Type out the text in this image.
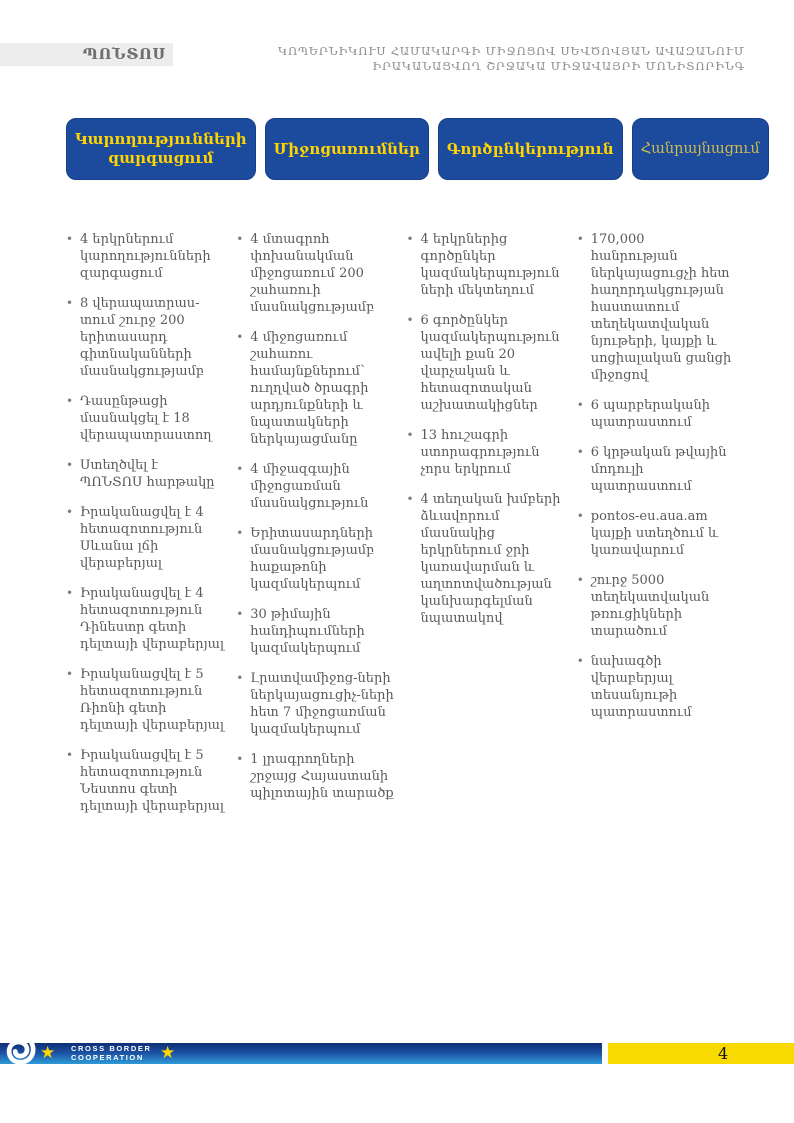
ՊՈՆՏՈՍ	ԿՈՊԵՐՆԻԿՈՒՍ ՀԱՄԱԿԱՐԳԻ ՄԻՋՈՑՈՎ ՍԵՎԾՈՎՅԱՆ ԱՎԱԶԱՆՈՒՄ
ԻՐԱԿԱՆԱՑՎՈՂ ՇՐՋԱԿԱ ՄԻՋԱՎԱՅՐԻ ՄՈՆԻՏՈՐԻՆԳ
Կարողությունների զարգացում
Միջոցառումներ	Գործընկերություն	Հանրայնացում
• 4 երկրներում կարողությունների զարգացում
• 8 վերապատրաս-տում շուրջ 200 երիտասարդ գիտնականների մասնակցությամբ
• Դասընթացի մասնակցել է 18 վերապատրաստող
• Ստեղծվել է ՊՈՆՏՈՍ հարթակը
• Իրականացվել է 4 հետազոտություն Սևանա լճի վերաբերյալ
• Իրականացվել է 4 հետազոտություն Դինեստր գետի դելտայի վերաբերյալ
• Իրականացվել է 5 հետազոտություն Ռիոնի գետի դելտայի վերաբերյալ
• Իրականացվել է 5 հետազոտություն Նեստոս գետի դելտայի վերաբերյալ
• 4 մտագրոհ փոխանակման միջոցառում 200 շահառուի մասնակցությամբ
• 4 միջոցառում շահառու համայնքներում՝ ուղղված ծրագրի արդյունքների և նպատակների ներկայացմանը
• 4 միջազգային միջոցառման մասնակցություն
• Երիտասարդների մասնակցությամբ հաքաթոնի կազմակերպում
• 30 թիմային հանդիպումների կազմակերպում
• Լրատվամիջոց-ների ներկայացուցիչ-ների հետ 7 միջոցառման կազմակերպում
• 1 լրագրողների շրջայց Հայաստանի պիլոտային տարածք
• 4 երկրներից գործընկեր կազմակերպություն​ների մեկտեղում
• 6 գործընկեր կազմակերպություն ավելի քան 20 վարչական և հետազոտական աշխատակիցներ
• 13 հուշագրի ստորագրություն չորս երկրում
• 4 տեղական խմբերի ձևավորում մասնակից երկրներում ջրի կառավարման և աղտոտվածության կանխարգելման նպատակով
• 170,000 հանրության ներկայացուցչի հետ հաղորդակցության հաստատում տեղեկատվական նյութերի, կայքի և սոցիալական ցանցի միջոցով
• 6 պարբերականի պատրաստում
• 6 կրթական թվային մոդուլի պատրաստում
• pontos-eu.aua.am կայքի ստեղծում և կառավարում
• շուրջ 5000 տեղեկատվական թռուցիկների տարածում
• նախագծի վերաբերյալ տեսանյութի պատրաստում
★ CROSS BORDER
COOPERATION ★	4
